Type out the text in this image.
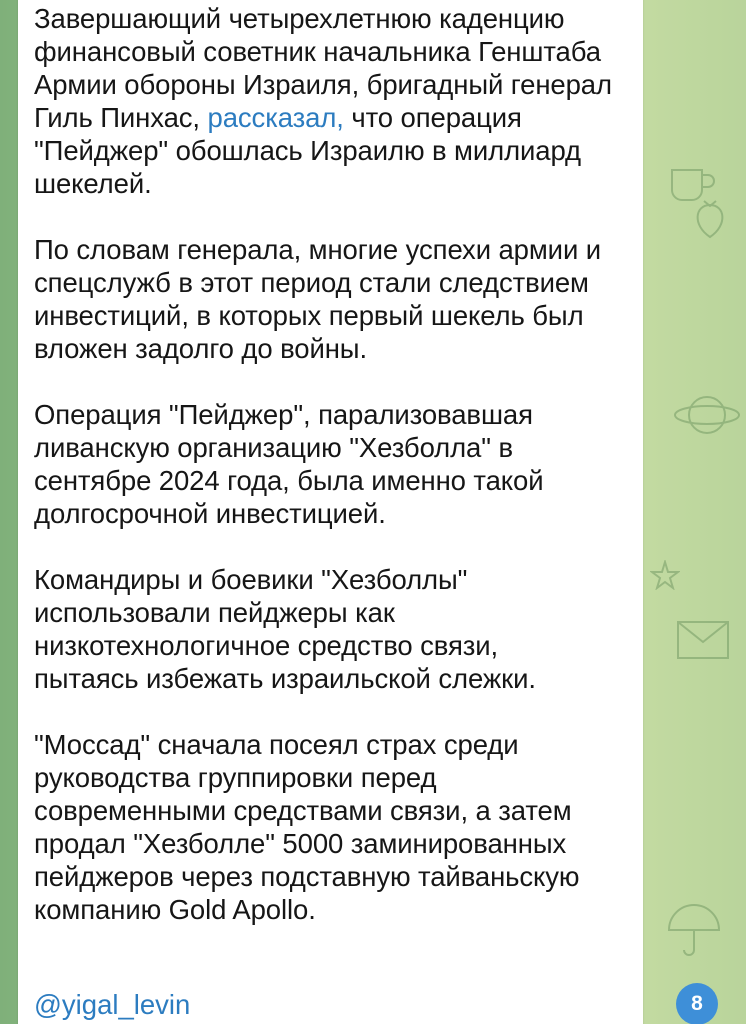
Завершающий четырехлетнюю каденцию
финансовый советник начальника Генштаба
Армии обороны Израиля, бригадный генерал
Гиль Пинхас, рассказал, что операция
"Пейджер" обошлась Израилю в миллиард
шекелей.

По словам генерала, многие успехи армии и
спецслужб в этот период стали следствием
инвестиций, в которых первый шекель был
вложен задолго до войны.

Операция "Пейджер", парализовавшая
ливанскую организацию "Хезболла" в
сентябре 2024 года, была именно такой
долгосрочной инвестицией.

Командиры и боевики "Хезболлы"
использовали пейджеры как
низкотехнологичное средство связи,
пытаясь избежать израильской слежки.

"Моссад" сначала посеял страх среди
руководства группировки перед
современными средствами связи, а затем
продал "Хезболле" 5000 заминированных
пейджеров через подставную тайваньскую
компанию Gold Apollo.

@yigal_levin	8
